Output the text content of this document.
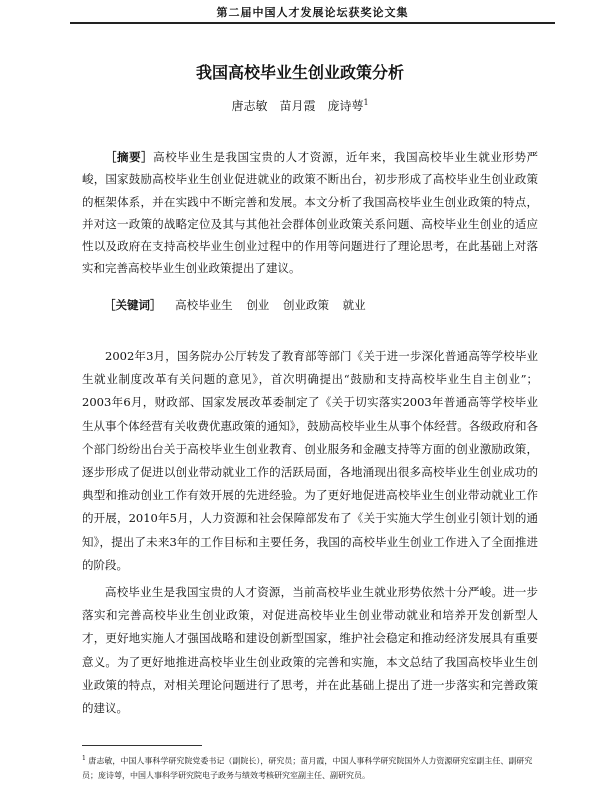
第二届中国人才发展论坛获奖论文集
我国高校毕业生创业政策分析
唐志敏　苗月霞　庞诗萼$^1$
［摘要］高校毕业生是我国宝贵的人才资源，近年来，我国高校毕业生就业形势严峻，国家鼓励高校毕业生创业促进就业的政策不断出台，初步形成了高校毕业生创业政策的框架体系，并在实践中不断完善和发展。本文分析了我国高校毕业生创业政策的特点，并对这一政策的战略定位及其与其他社会群体创业政策关系问题、高校毕业生创业的适应性以及政府在支持高校毕业生创业过程中的作用等问题进行了理论思考，在此基础上对落实和完善高校毕业生创业政策提出了建议。
［关键词］ 高校毕业生 创业 创业政策 就业

2002年3月，国务院办公厅转发了教育部等部门《关于进一步深化普通高等学校毕业生就业制度改革有关问题的意见》，首次明确提出“鼓励和支持高校毕业生自主创业”；2003年6月，财政部、国家发展改革委制定了《关于切实落实2003年普通高等学校毕业生从事个体经营有关收费优惠政策的通知》，鼓励高校毕业生从事个体经营。各级政府和各个部门纷纷出台关于高校毕业生创业教育、创业服务和金融支持等方面的创业激励政策，逐步形成了促进以创业带动就业工作的活跃局面，各地涌现出很多高校毕业生创业成功的典型和推动创业工作有效开展的先进经验。为了更好地促进高校毕业生创业带动就业工作的开展，2010年5月，人力资源和社会保障部发布了《关于实施大学生创业引领计划的通知》，提出了未来3年的工作目标和主要任务，我国的高校毕业生创业工作进入了全面推进的阶段。

高校毕业生是我国宝贵的人才资源，当前高校毕业生就业形势依然十分严峻。进一步落实和完善高校毕业生创业政策，对促进高校毕业生创业带动就业和培养开发创新型人才，更好地实施人才强国战略和建设创新型国家，维护社会稳定和推动经济发展具有重要意义。为了更好地推进高校毕业生创业政策的完善和实施，本文总结了我国高校毕业生创业政策的特点，对相关理论问题进行了思考，并在此基础上提出了进一步落实和完善政策的建议。

$^1$ 唐志敏，中国人事科学研究院党委书记（副院长），研究员；苗月霞，中国人事科学研究院国外人力资源研究室副主任、副研究员；庞诗萼，中国人事科学研究院电子政务与绩效考核研究室副主任、副研究员。
